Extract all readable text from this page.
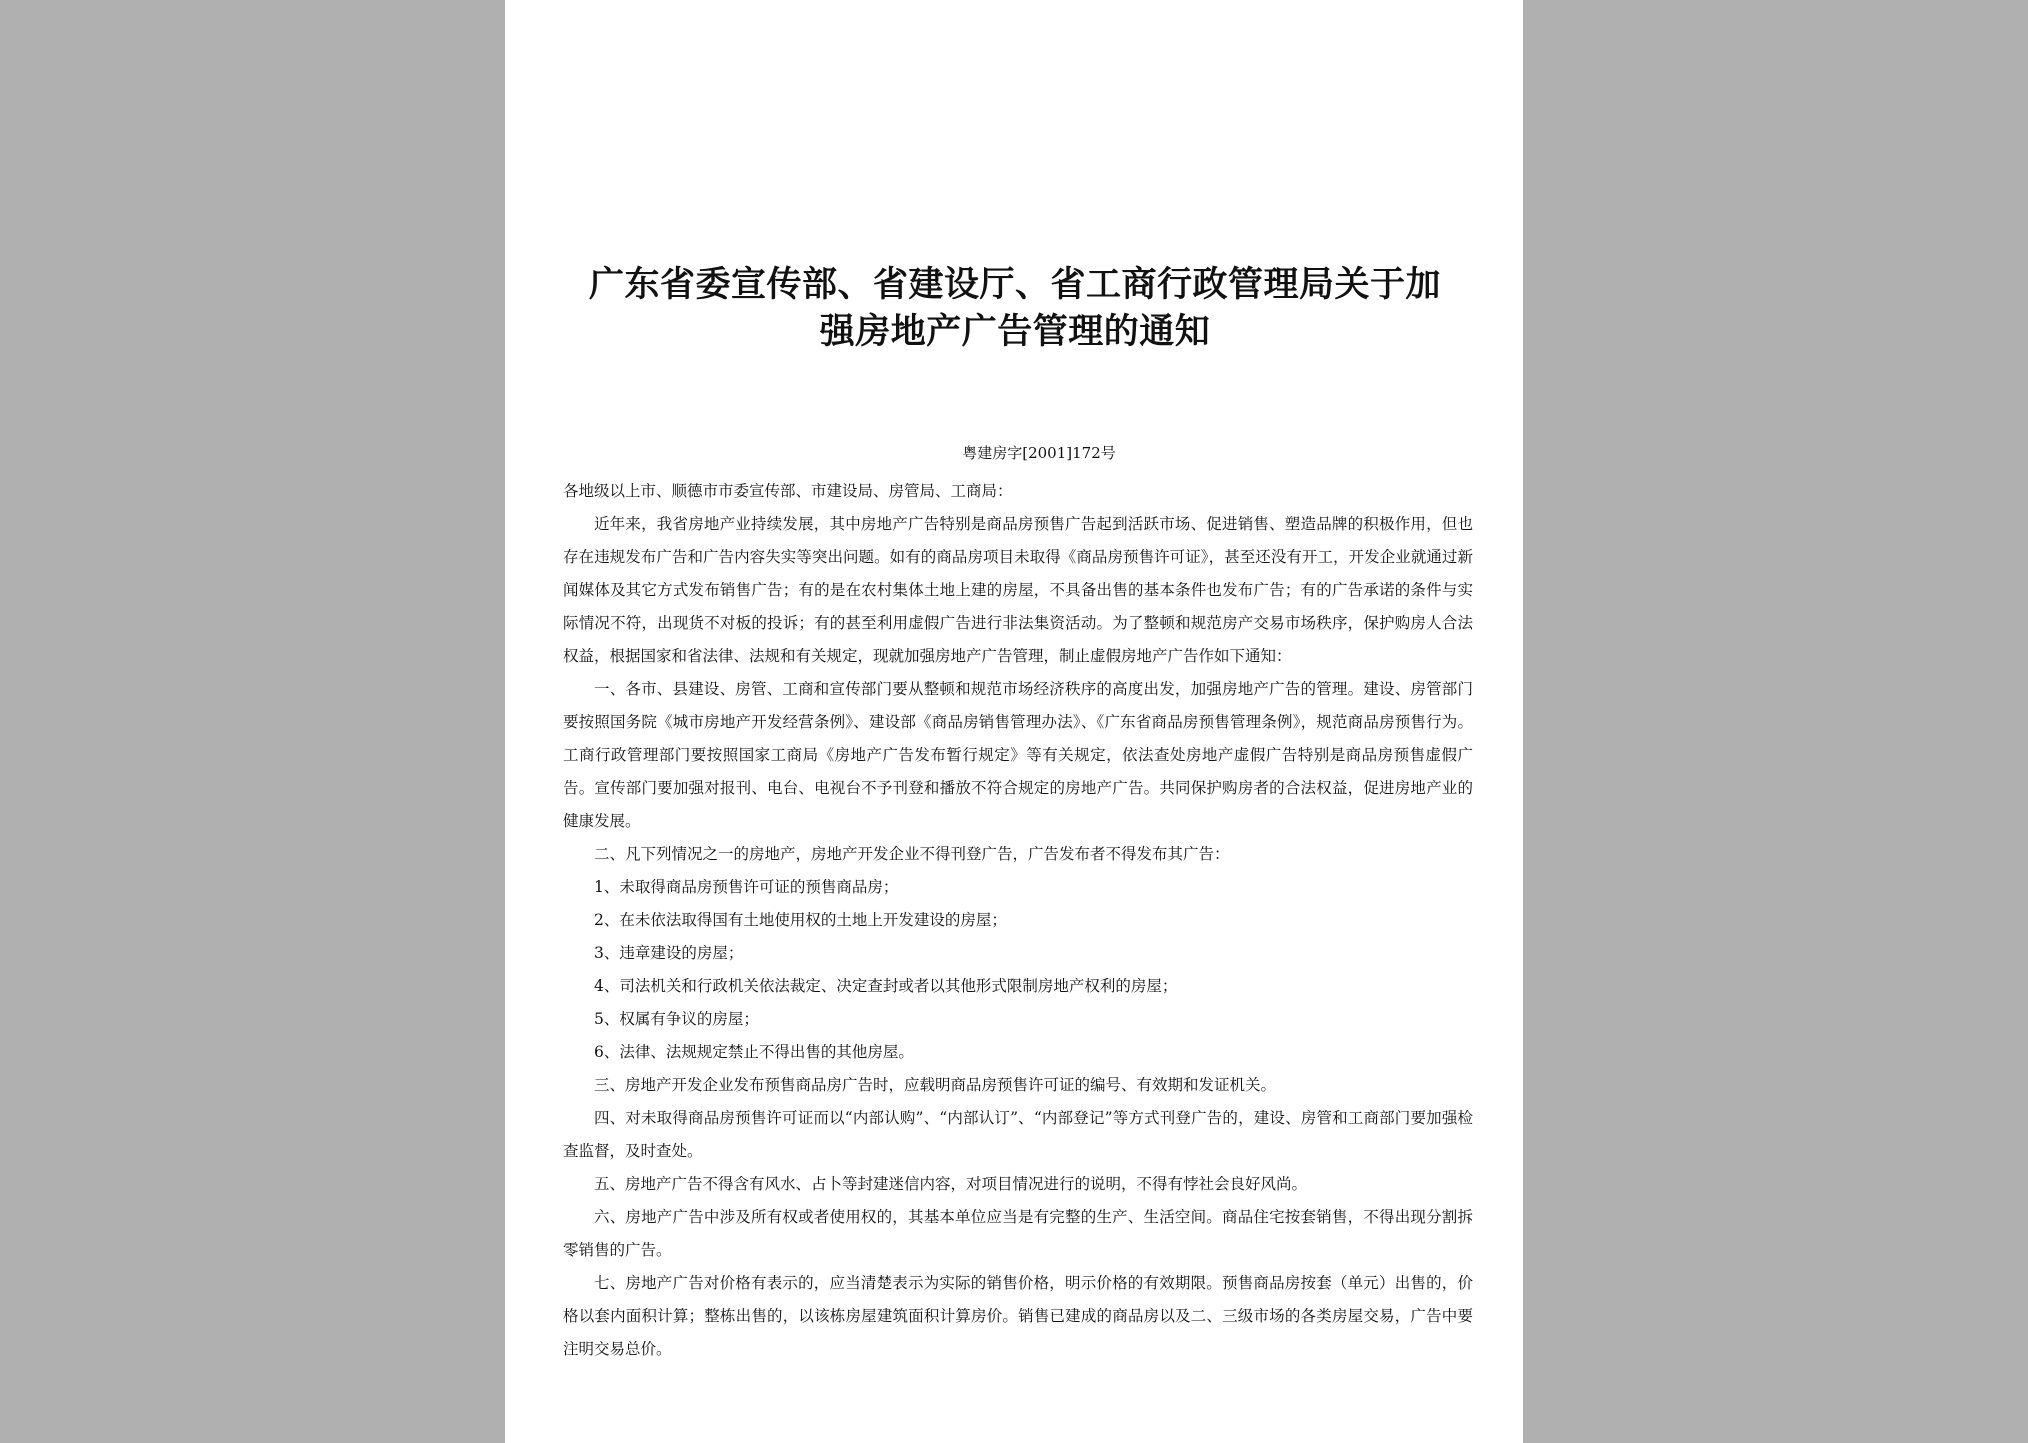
广东省委宣传部、省建设厅、省工商行政管理局关于加
强房地产广告管理的通知
粤建房字[2001]172号

各地级以上市、顺德市市委宣传部、市建设局、房管局、工商局：

近年来，我省房地产业持续发展，其中房地产广告特别是商品房预售广告起到活跃市场、促进销售、塑造品牌的积极作用，但也存在违规发布广告和广告内容失实等突出问题。如有的商品房项目未取得《商品房预售许可证》，甚至还没有开工，开发企业就通过新闻媒体及其它方式发布销售广告；有的是在农村集体土地上建的房屋，不具备出售的基本条件也发布广告；有的广告承诺的条件与实际情况不符，出现货不对板的投诉；有的甚至利用虚假广告进行非法集资活动。为了整顿和规范房产交易市场秩序，保护购房人合法权益，根据国家和省法律、法规和有关规定，现就加强房地产广告管理，制止虚假房地产广告作如下通知：

一、各市、县建设、房管、工商和宣传部门要从整顿和规范市场经济秩序的高度出发，加强房地产广告的管理。建设、房管部门要按照国务院《城市房地产开发经营条例》、建设部《商品房销售管理办法》、《广东省商品房预售管理条例》，规范商品房预售行为。工商行政管理部门要按照国家工商局《房地产广告发布暂行规定》等有关规定，依法查处房地产虚假广告特别是商品房预售虚假广告。宣传部门要加强对报刊、电台、电视台不予刊登和播放不符合规定的房地产广告。共同保护购房者的合法权益，促进房地产业的健康发展。

二、凡下列情况之一的房地产，房地产开发企业不得刊登广告，广告发布者不得发布其广告：

1、未取得商品房预售许可证的预售商品房；

2、在未依法取得国有土地使用权的土地上开发建设的房屋；

3、违章建设的房屋；

4、司法机关和行政机关依法裁定、决定查封或者以其他形式限制房地产权利的房屋；

5、权属有争议的房屋；

6、法律、法规规定禁止不得出售的其他房屋。

三、房地产开发企业发布预售商品房广告时，应载明商品房预售许可证的编号、有效期和发证机关。

四、对未取得商品房预售许可证而以“内部认购”、“内部认订”、“内部登记”等方式刊登广告的，建设、房管和工商部门要加强检查监督，及时查处。

五、房地产广告不得含有风水、占卜等封建迷信内容，对项目情况进行的说明，不得有悖社会良好风尚。

六、房地产广告中涉及所有权或者使用权的，其基本单位应当是有完整的生产、生活空间。商品住宅按套销售，不得出现分割拆零销售的广告。

七、房地产广告对价格有表示的，应当清楚表示为实际的销售价格，明示价格的有效期限。预售商品房按套（单元）出售的，价格以套内面积计算；整栋出售的，以该栋房屋建筑面积计算房价。销售已建成的商品房以及二、三级市场的各类房屋交易，广告中要注明交易总价。
